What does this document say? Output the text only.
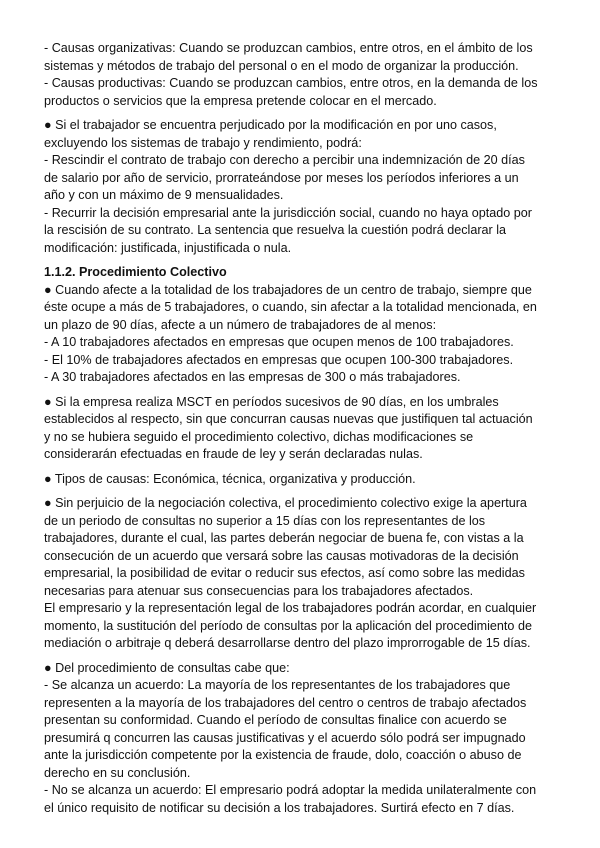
- Causas organizativas: Cuando se produzcan cambios, entre otros, en el ámbito de los
sistemas y métodos de trabajo del personal o en el modo de organizar la producción.
- Causas productivas: Cuando se produzcan cambios, entre otros, en la demanda de los
productos o servicios que la empresa pretende colocar en el mercado.
● Si el trabajador se encuentra perjudicado por la modificación en por uno casos,
excluyendo los sistemas de trabajo y rendimiento, podrá:
- Rescindir el contrato de trabajo con derecho a percibir una indemnización de 20 días
de salario por año de servicio, prorrateándose por meses los períodos inferiores a un
año y con un máximo de 9 mensualidades.
- Recurrir la decisión empresarial ante la jurisdicción social, cuando no haya optado por
la rescisión de su contrato. La sentencia que resuelva la cuestión podrá declarar la
modificación: justificada, injustificada o nula.
1.1.2. Procedimiento Colectivo
● Cuando afecte a la totalidad de los trabajadores de un centro de trabajo, siempre que
éste ocupe a más de 5 trabajadores, o cuando, sin afectar a la totalidad mencionada, en
un plazo de 90 días, afecte a un número de trabajadores de al menos:
- A 10 trabajadores afectados en empresas que ocupen menos de 100 trabajadores.
- El 10% de trabajadores afectados en empresas que ocupen 100-300 trabajadores.
- A 30 trabajadores afectados en las empresas de 300 o más trabajadores.
● Si la empresa realiza MSCT en períodos sucesivos de 90 días, en los umbrales
establecidos al respecto, sin que concurran causas nuevas que justifiquen tal actuación
y no se hubiera seguido el procedimiento colectivo, dichas modificaciones se
considerarán efectuadas en fraude de ley y serán declaradas nulas.
● Tipos de causas: Económica, técnica, organizativa y producción.
● Sin perjuicio de la negociación colectiva, el procedimiento colectivo exige la apertura
de un periodo de consultas no superior a 15 días con los representantes de los
trabajadores, durante el cual, las partes deberán negociar de buena fe, con vistas a la
consecución de un acuerdo que versará sobre las causas motivadoras de la decisión
empresarial, la posibilidad de evitar o reducir sus efectos, así como sobre las medidas
necesarias para atenuar sus consecuencias para los trabajadores afectados.
El empresario y la representación legal de los trabajadores podrán acordar, en cualquier
momento, la sustitución del período de consultas por la aplicación del procedimiento de
mediación o arbitraje q deberá desarrollarse dentro del plazo improrrogable de 15 días.
● Del procedimiento de consultas cabe que:
- Se alcanza un acuerdo: La mayoría de los representantes de los trabajadores que
representen a la mayoría de los trabajadores del centro o centros de trabajo afectados
presentan su conformidad. Cuando el período de consultas finalice con acuerdo se
presumirá q concurren las causas justificativas y el acuerdo sólo podrá ser impugnado
ante la jurisdicción competente por la existencia de fraude, dolo, coacción o abuso de
derecho en su conclusión.
- No se alcanza un acuerdo: El empresario podrá adoptar la medida unilateralmente con
el único requisito de notificar su decisión a los trabajadores. Surtirá efecto en 7 días.
